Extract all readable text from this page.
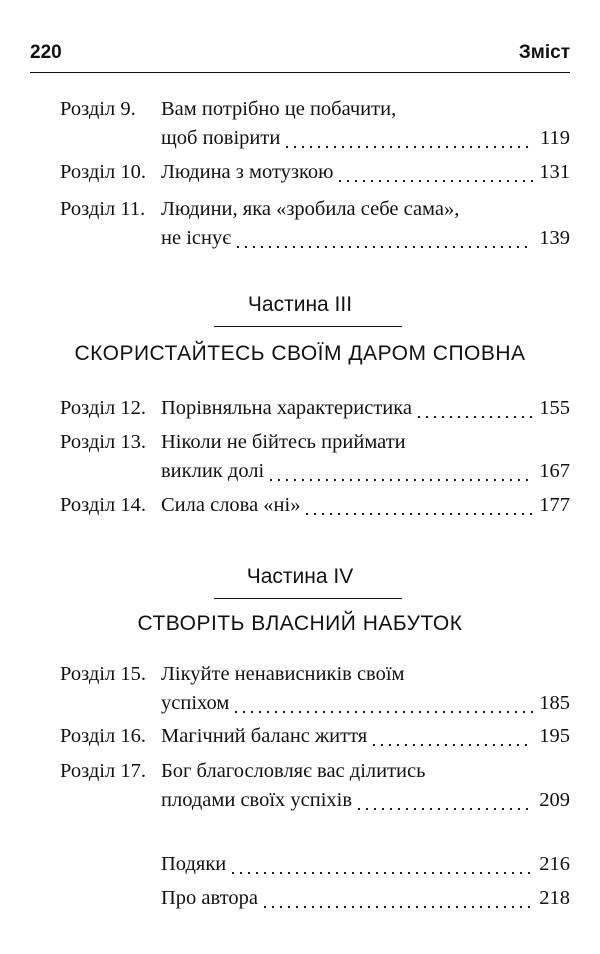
220	Зміст
Розділ 9.	Вам потрібно це побачити,
щоб повірити	119
Розділ 10. Людина з мотузкою	131
Розділ 11. Людини, яка «зробила себе сама»,
не існує	139
Частина III
СКОРИСТАЙТЕСЬ СВОЇМ ДАРОМ СПОВНА
Розділ 12. Порівняльна характеристика	155
Розділ 13. Ніколи не бійтесь приймати
виклик долі	167
Розділ 14. Сила слова «ні»	177
Частина IV
СТВОРІТЬ ВЛАСНИЙ НАБУТОК
Розділ 15. Лікуйте ненависників своїм
успіхом	185
Розділ 16. Магічний баланс життя	195
Розділ 17. Бог благословляє вас ділитись
плодами своїх успіхів	209
Подяки	216
Про автора	218
